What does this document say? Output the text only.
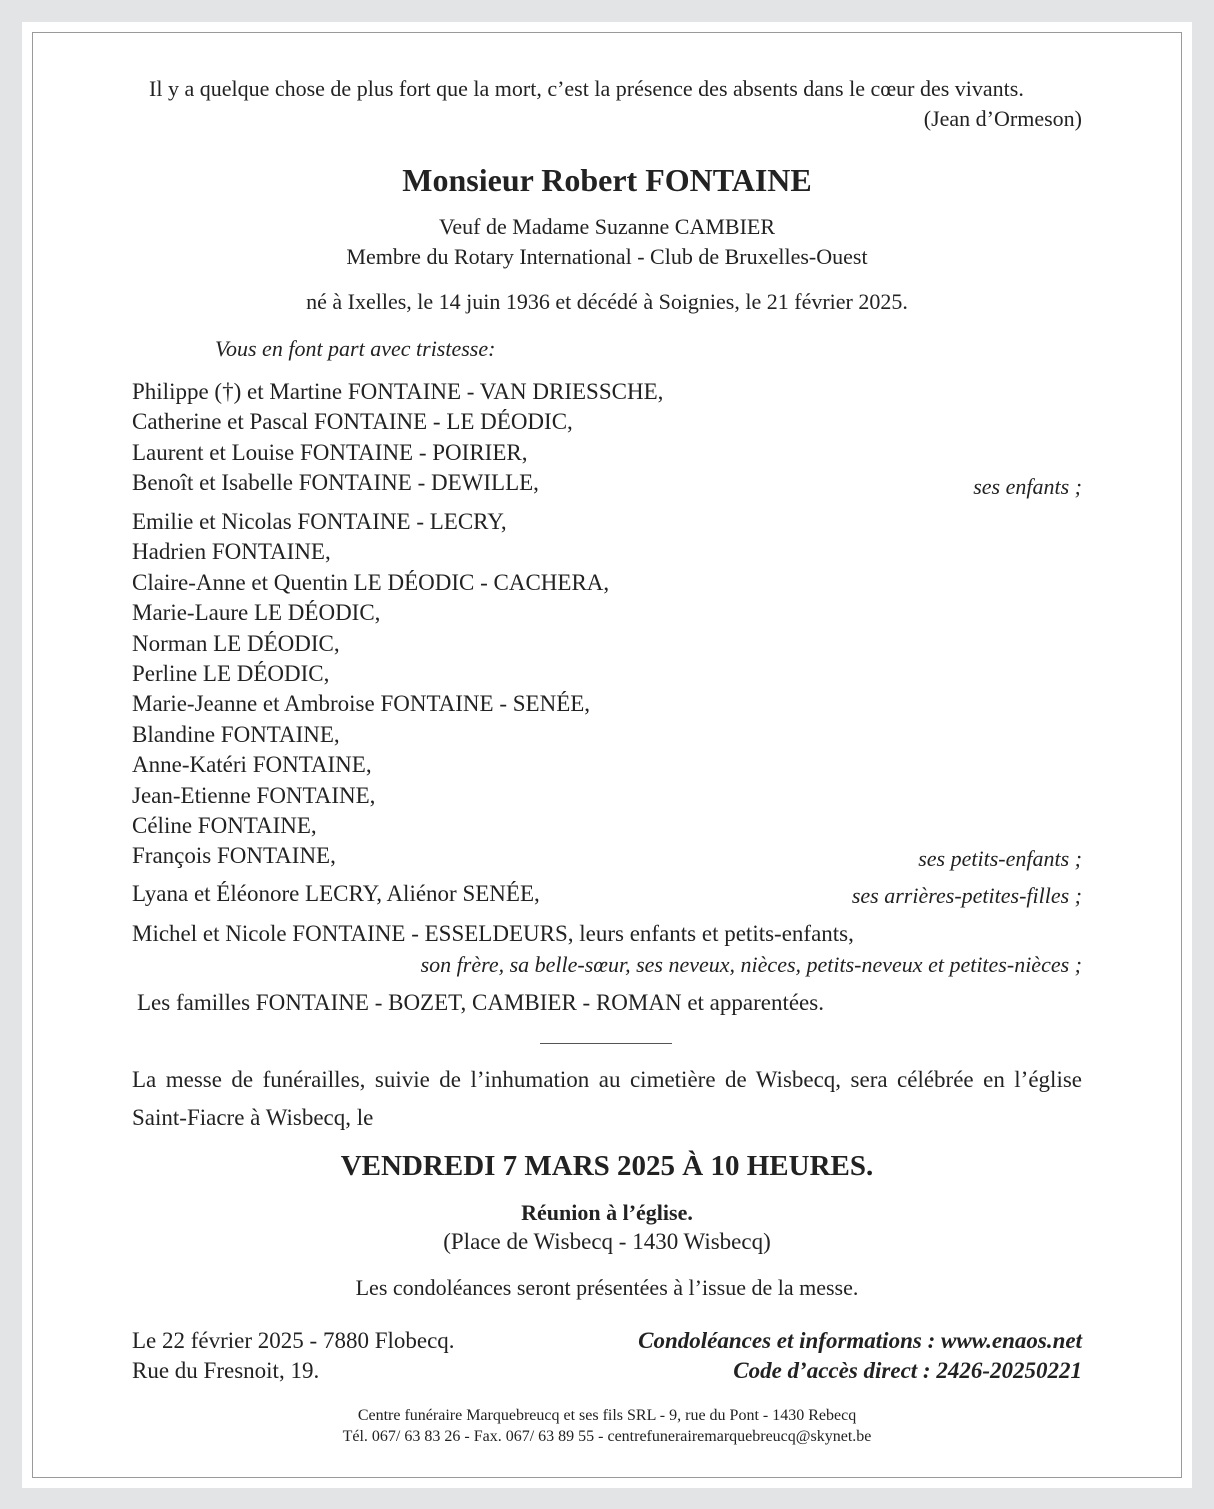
Il y a quelque chose de plus fort que la mort, c’est la présence des absents dans le cœur des vivants.
(Jean d’Ormeson)
Monsieur Robert FONTAINE
Veuf de Madame Suzanne CAMBIER
Membre du Rotary International - Club de Bruxelles-Ouest
né à Ixelles, le 14 juin 1936 et décédé à Soignies, le 21 février 2025.
Vous en font part avec tristesse:
Philippe (†) et Martine FONTAINE - VAN DRIESSCHE,
Catherine et Pascal FONTAINE - LE DÉODIC,
Laurent et Louise FONTAINE - POIRIER,
Benoît et Isabelle FONTAINE - DEWILLE,	ses enfants ;
Emilie et Nicolas FONTAINE - LECRY,
Hadrien FONTAINE,
Claire-Anne et Quentin LE DÉODIC - CACHERA,
Marie-Laure LE DÉODIC,
Norman LE DÉODIC,
Perline LE DÉODIC,
Marie-Jeanne et Ambroise FONTAINE - SENÉE,
Blandine FONTAINE,
Anne-Katéri FONTAINE,
Jean-Etienne FONTAINE,
Céline FONTAINE,
François FONTAINE,	ses petits-enfants ;
Lyana et Éléonore LECRY, Aliénor SENÉE,	ses arrières-petites-filles ;
Michel et Nicole FONTAINE - ESSELDEURS, leurs enfants et petits-enfants,
son frère, sa belle-sœur, ses neveux, nièces, petits-neveux et petites-nièces ;
Les familles FONTAINE - BOZET, CAMBIER - ROMAN et apparentées.
La messe de funérailles, suivie de l’inhumation au cimetière de Wisbecq, sera célébrée en l’église Saint-Fiacre à Wisbecq, le
VENDREDI 7 MARS 2025 À 10 HEURES.
Réunion à l’église.
(Place de Wisbecq - 1430 Wisbecq)
Les condoléances seront présentées à l’issue de la messe.
Le 22 février 2025 - 7880 Flobecq.
Rue du Fresnoit, 19.
Condoléances et informations : www.enaos.net
Code d’accès direct : 2426-20250221
Centre funéraire Marquebreucq et ses fils SRL - 9, rue du Pont - 1430 Rebecq
Tél. 067/ 63 83 26 - Fax. 067/ 63 89 55 - centrefunerairemarquebreucq@skynet.be
